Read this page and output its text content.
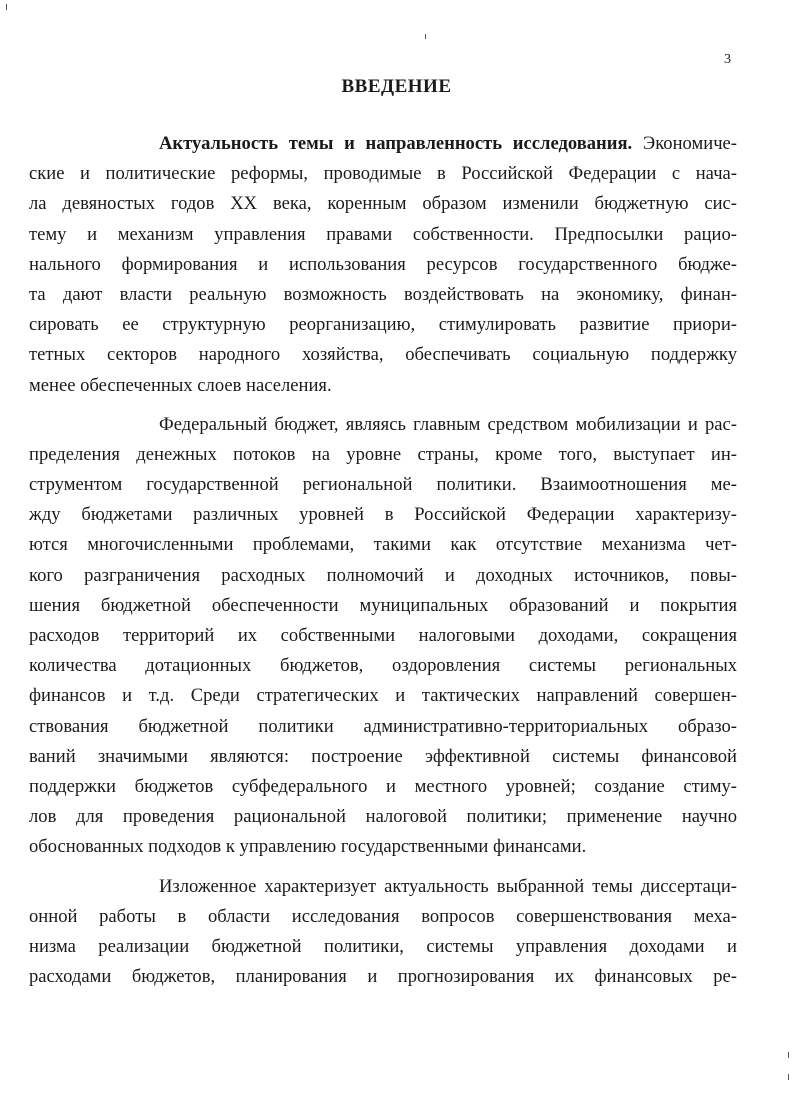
3
ВВЕДЕНИЕ
Актуальность темы и направленность исследования. Экономиче-
ские и политические реформы, проводимые в Российской Федерации с нача-
ла девяностых годов XX века, коренным образом изменили бюджетную сис-
тему и механизм управления правами собственности. Предпосылки рацио-
нального формирования и использования ресурсов государственного бюдже-
та дают власти реальную возможность воздействовать на экономику, финан-
сировать ее структурную реорганизацию, стимулировать развитие приори-
тетных секторов народного хозяйства, обеспечивать социальную поддержку
менее обеспеченных слоев населения.
Федеральный бюджет, являясь главным средством мобилизации и рас-
пределения денежных потоков на уровне страны, кроме того, выступает ин-
струментом государственной региональной политики. Взаимоотношения ме-
жду бюджетами различных уровней в Российской Федерации характеризу-
ются многочисленными проблемами, такими как отсутствие механизма чет-
кого разграничения расходных полномочий и доходных источников, повы-
шения бюджетной обеспеченности муниципальных образований и покрытия
расходов территорий их собственными налоговыми доходами, сокращения
количества дотационных бюджетов, оздоровления системы региональных
финансов и т.д. Среди стратегических и тактических направлений совершен-
ствования бюджетной политики административно-территориальных образо-
ваний значимыми являются: построение эффективной системы финансовой
поддержки бюджетов субфедерального и местного уровней; создание стиму-
лов для проведения рациональной налоговой политики; применение научно
обоснованных подходов к управлению государственными финансами.
Изложенное характеризует актуальность выбранной темы диссертаци-
онной работы в области исследования вопросов совершенствования меха-
низма реализации бюджетной политики, системы управления доходами и
расходами бюджетов, планирования и прогнозирования их финансовых ре-
